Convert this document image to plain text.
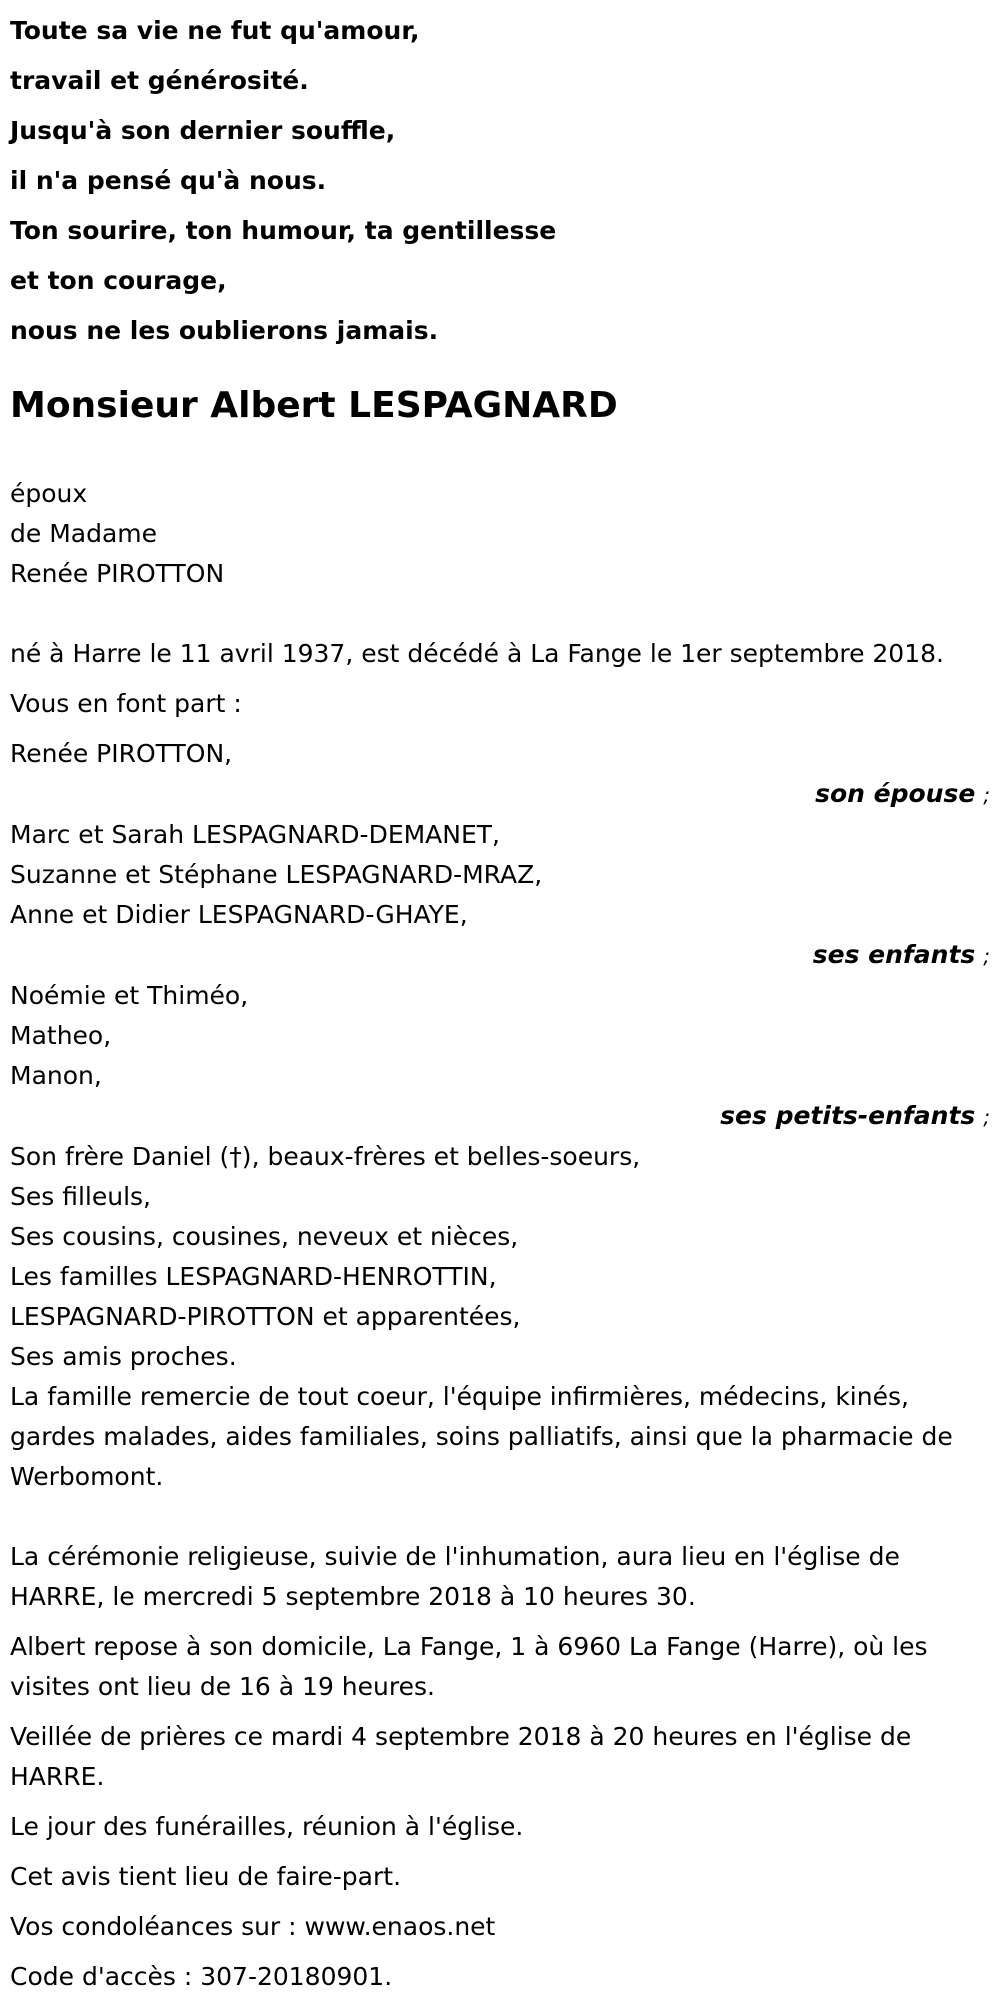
Toute sa vie ne fut qu'amour,
travail et générosité.
Jusqu'à son dernier souffle,
il n'a pensé qu'à nous.
Ton sourire, ton humour, ta gentillesse
et ton courage,
nous ne les oublierons jamais.
Monsieur Albert LESPAGNARD
époux
de Madame
Renée PIROTTON
né à Harre le 11 avril 1937, est décédé à La Fange le 1er septembre 2018.
Vous en font part :
Renée PIROTTON,
son épouse ;
Marc et Sarah LESPAGNARD-DEMANET,
Suzanne et Stéphane LESPAGNARD-MRAZ,
Anne et Didier LESPAGNARD-GHAYE,
ses enfants ;
Noémie et Thiméo,
Matheo,
Manon,
ses petits-enfants ;
Son frère Daniel (†), beaux-frères et belles-soeurs,
Ses filleuls,
Ses cousins, cousines, neveux et nièces,
Les familles LESPAGNARD-HENROTTIN,
LESPAGNARD-PIROTTON et apparentées,
Ses amis proches.
La famille remercie de tout coeur, l'équipe infirmières, médecins, kinés, gardes malades, aides familiales, soins palliatifs, ainsi que la pharmacie de Werbomont.
La cérémonie religieuse, suivie de l'inhumation, aura lieu en l'église de HARRE, le mercredi 5 septembre 2018 à 10 heures 30.
Albert repose à son domicile, La Fange, 1 à 6960 La Fange (Harre), où les visites ont lieu de 16 à 19 heures.
Veillée de prières ce mardi 4 septembre 2018 à 20 heures en l'église de HARRE.
Le jour des funérailles, réunion à l'église.
Cet avis tient lieu de faire-part.
Vos condoléances sur : www.enaos.net
Code d'accès : 307-20180901.
